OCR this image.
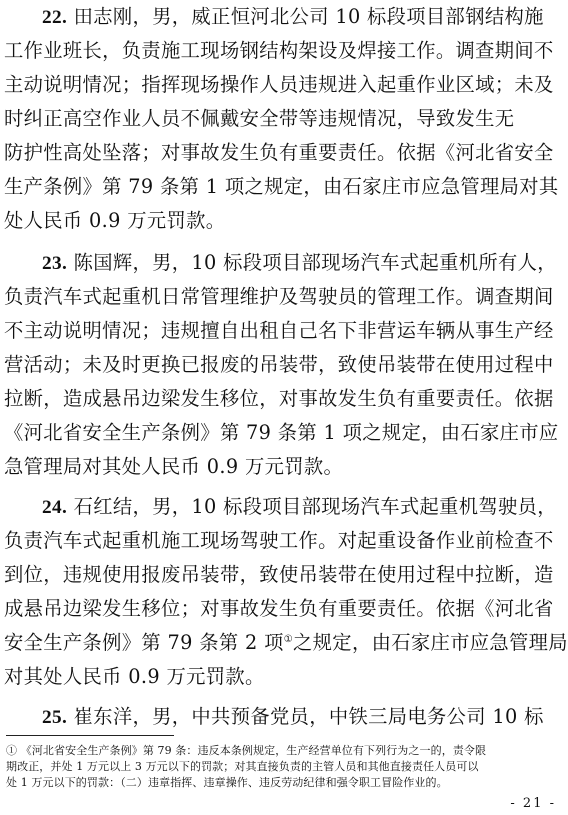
22. 田志刚，男，威正恒河北公司 10 标段项目部钢结构施
工作业班长，负责施工现场钢结构架设及焊接工作。调查期间不
主动说明情况；指挥现场操作人员违规进入起重作业区域；未及
时纠正高空作业人员不佩戴安全带等违规情况，导致发生无
防护性高处坠落；对事故发生负有重要责任。依据《河北省安全
生产条例》第 79 条第 1 项之规定，由石家庄市应急管理局对其
处人民币 0.9 万元罚款。
23. 陈国辉，男，10 标段项目部现场汽车式起重机所有人，
负责汽车式起重机日常管理维护及驾驶员的管理工作。调查期间
不主动说明情况；违规擅自出租自己名下非营运车辆从事生产经
营活动；未及时更换已报废的吊装带，致使吊装带在使用过程中
拉断，造成悬吊边梁发生移位，对事故发生负有重要责任。依据
《河北省安全生产条例》第 79 条第 1 项之规定，由石家庄市应
急管理局对其处人民币 0.9 万元罚款。
24. 石红结，男，10 标段项目部现场汽车式起重机驾驶员，
负责汽车式起重机施工现场驾驶工作。对起重设备作业前检查不
到位，违规使用报废吊装带，致使吊装带在使用过程中拉断，造
成悬吊边梁发生移位；对事故发生负有重要责任。依据《河北省
安全生产条例》第 79 条第 2 项①之规定，由石家庄市应急管理局
对其处人民币 0.9 万元罚款。
25. 崔东洋，男，中共预备党员，中铁三局电务公司 10 标
① 《河北省安全生产条例》第 79 条：违反本条例规定，生产经营单位有下列行为之一的，责令限
期改正，并处 1 万元以上 3 万元以下的罚款；对其直接负责的主管人员和其他直接责任人员可以
处 1 万元以下的罚款：（二）违章指挥、违章操作、违反劳动纪律和强令职工冒险作业的。
- 21 -
